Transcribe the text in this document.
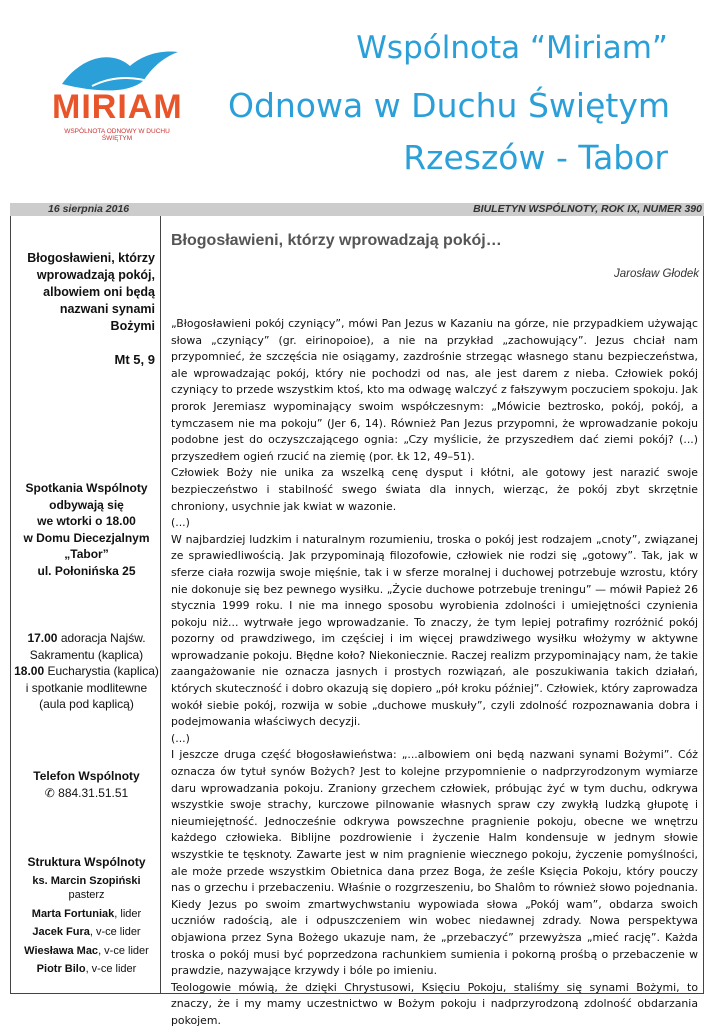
MIRIAM
WSPÓLNOTA ODNOWY W DUCHU ŚWIĘTYM
Wspólnota “Miriam”
Odnowa w Duchu Świętym
Rzeszów - Tabor
16 sierpnia 2016	BIULETYN WSPÓLNOTY, ROK IX, NUMER 390
Błogosławieni, którzy
wprowadzają pokój,
albowiem oni będą
nazwani synami
Bożymi
Mt 5, 9
Spotkania Wspólnoty
odbywają się
we wtorki o 18.00
w Domu Diecezjalnym
„Tabor”
ul. Połonińska 25
17.00 adoracja Najśw.
Sakramentu (kaplica)
18.00 Eucharystia (kaplica)
i spotkanie modlitewne
(aula pod kaplicą)
Telefon Wspólnoty
✆ 884.31.51.51
Struktura Wspólnoty
ks. Marcin Szopiński
pasterz
Marta Fortuniak, lider
Jacek Fura, v-ce lider
Wiesława Mac, v-ce lider
Piotr Bilo, v-ce lider
Błogosławieni, którzy wprowadzają pokój…
Jarosław Głodek

„Błogosławieni pokój czyniący”, mówi Pan Jezus w Kazaniu na górze, nie przypadkiem używając słowa „czyniący” (gr. eirinopoioe), a nie na przykład „zachowujący”. Jezus chciał nam przypomnieć, że szczęścia nie osiągamy, zazdrośnie strzegąc własnego stanu bezpieczeństwa, ale wprowadzając pokój, który nie pochodzi od nas, ale jest darem z nieba. Człowiek pokój czyniący to przede wszystkim ktoś, kto ma odwagę walczyć z fałszywym poczuciem spokoju. Jak prorok Jeremiasz wypominający swoim współczesnym: „Mówicie beztrosko, pokój, pokój, a tymczasem nie ma pokoju” (Jer 6, 14). Również Pan Jezus przypomni, że wprowadzanie pokoju podobne jest do oczyszczającego ognia: „Czy myślicie, że przyszedłem dać ziemi pokój? (...) przyszedłem ogień rzucić na ziemię (por. Łk 12, 49–51).

Człowiek Boży nie unika za wszelką cenę dysput i kłótni, ale gotowy jest narazić swoje bezpieczeństwo i stabilność swego świata dla innych, wierząc, że pokój zbyt skrzętnie chroniony, usychnie jak kwiat w wazonie.

(...)

W najbardziej ludzkim i naturalnym rozumieniu, troska o pokój jest rodzajem „cnoty”, związanej ze sprawiedliwością. Jak przypominają filozofowie, człowiek nie rodzi się „gotowy”. Tak, jak w sferze ciała rozwija swoje mięśnie, tak i w sferze moralnej i duchowej potrzebuje wzrostu, który nie dokonuje się bez pewnego wysiłku. „Życie duchowe potrzebuje treningu” — mówił Papież 26 stycznia 1999 roku. I nie ma innego sposobu wyrobienia zdolności i umiejętności czynienia pokoju niż... wytrwałe jego wprowadzanie. To znaczy, że tym lepiej potrafimy rozróżnić pokój pozorny od prawdziwego, im częściej i im więcej prawdziwego wysiłku włożymy w aktywne wprowadzanie pokoju. Błędne koło? Niekoniecznie. Raczej realizm przypominający nam, że takie zaangażowanie nie oznacza jasnych i prostych rozwiązań, ale poszukiwania takich działań, których skuteczność i dobro okazują się dopiero „pół kroku później”. Człowiek, który zaprowadza wokół siebie pokój, rozwija w sobie „duchowe muskuły”, czyli zdolność rozpoznawania dobra i podejmowania właściwych decyzji.

(...)

I jeszcze druga część błogosławieństwa: „...albowiem oni będą nazwani synami Bożymi”. Cóż oznacza ów tytuł synów Bożych? Jest to kolejne przypomnienie o nadprzyrodzonym wymiarze daru wprowadzania pokoju. Zraniony grzechem człowiek, próbując żyć w tym duchu, odkrywa wszystkie swoje strachy, kurczowe pilnowanie własnych spraw czy zwykłą ludzką głupotę i nieumiejętność. Jednocześnie odkrywa powszechne pragnienie pokoju, obecne we wnętrzu każdego człowieka. Biblijne pozdrowienie i życzenie Halm kondensuje w jednym słowie wszystkie te tęsknoty. Zawarte jest w nim pragnienie wiecznego pokoju, życzenie pomyślności, ale może przede wszystkim Obietnica dana przez Boga, że ześle Księcia Pokoju, który pouczy nas o grzechu i przebaczeniu. Właśnie o rozgrzeszeniu, bo Shalôm to również słowo pojednania. Kiedy Jezus po swoim zmartwychwstaniu wypowiada słowa „Pokój wam”, obdarza swoich uczniów radością, ale i odpuszczeniem win wobec niedawnej zdrady. Nowa perspektywa objawiona przez Syna Bożego ukazuje nam, że „przebaczyć” przewyższa „mieć rację”. Każda troska o pokój musi być poprzedzona rachunkiem sumienia i pokorną prośbą o przebaczenie w prawdzie, nazywające krzywdy i bóle po imieniu.

Teologowie mówią, że dzięki Chrystusowi, Księciu Pokoju, staliśmy się synami Bożymi, to znaczy, że i my mamy uczestnictwo w Bożym pokoju i nadprzyrodzoną zdolność obdarzania pokojem.
